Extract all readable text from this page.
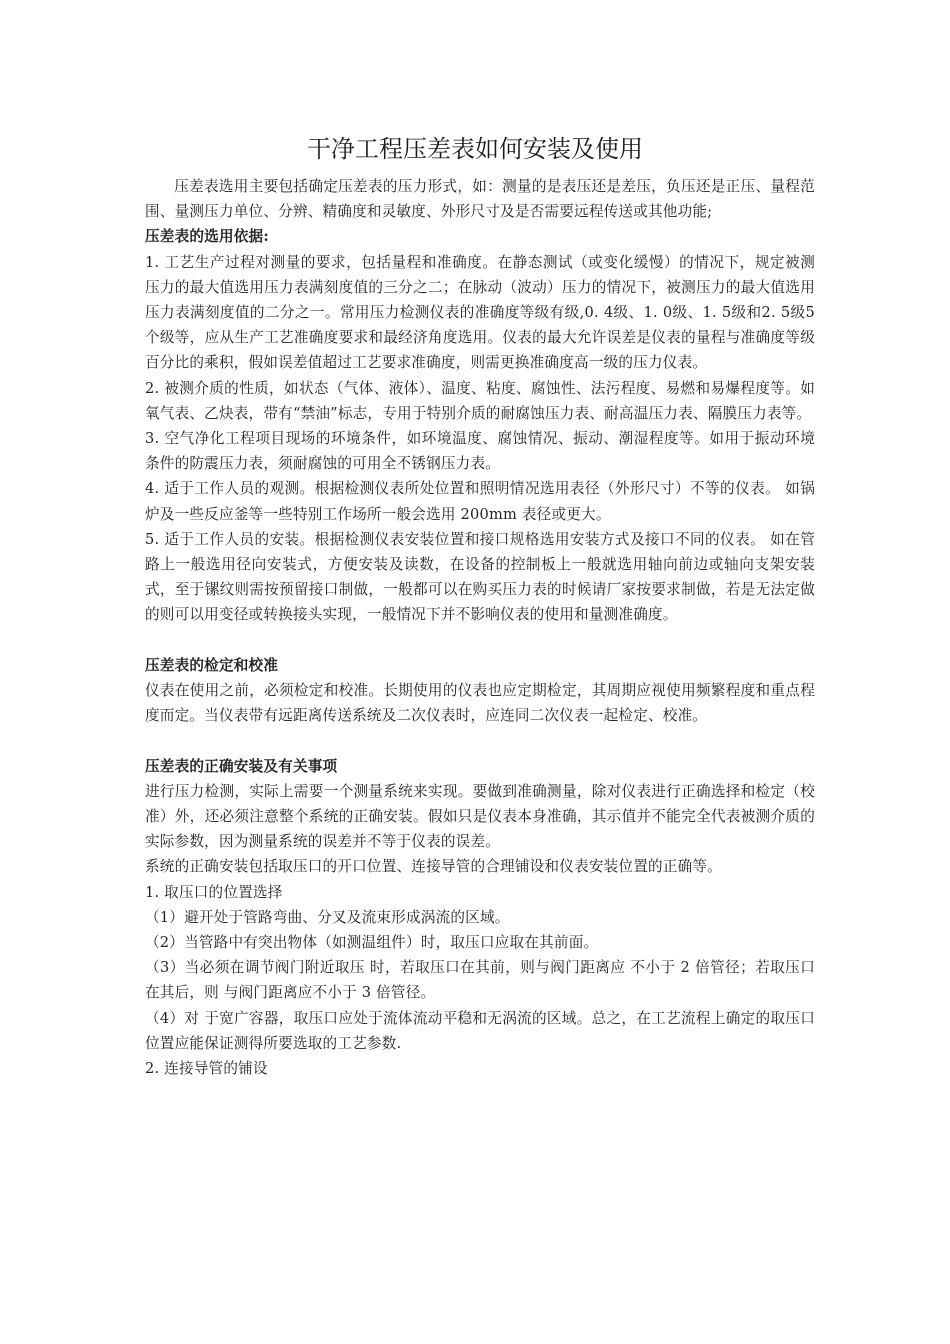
干净工程压差表如何安装及使用

压差表选用主要包括确定压差表的压力形式，如：测量的是表压还是差压，负压还是正压、量程范围、量测压力单位、分辨、精确度和灵敏度、外形尺寸及是否需要远程传送或其他功能;

压差表的选用依据:

1. 工艺生产过程对测量的要求，包括量程和准确度。在静态测试（或变化缓慢）的情况下，规定被测压力的最大值选用压力表满刻度值的三分之二；在脉动（波动）压力的情况下，被测压力的最大值选用压力表满刻度值的二分之一。常用压力检测仪表的准确度等级有级,0. 4级、1. 0级、1. 5级和2. 5级5个级等，应从生产工艺准确度要求和最经济角度选用。仪表的最大允许误差是仪表的量程与准确度等级百分比的乘积，假如误差值超过工艺要求准确度，则需更换准确度高一级的压力仪表。

2. 被测介质的性质，如状态（气体、液体）、温度、粘度、腐蚀性、法污程度、易燃和易爆程度等。如氧气表、乙炔表，带有“禁油”标志，专用于特别介质的耐腐蚀压力表、耐高温压力表、隔膜压力表等。

3. 空气净化工程项目现场的环境条件，如环境温度、腐蚀情况、振动、潮湿程度等。如用于振动环境条件的防震压力表，须耐腐蚀的可用全不锈钢压力表。

4. 适于工作人员的观测。根据检测仪表所处位置和照明情况选用表径（外形尺寸）不等的仪表。 如锅炉及一些反应釜等一些特别工作场所一般会选用 200mm 表径或更大。

5. 适于工作人员的安装。根据检测仪表安装位置和接口规格选用安装方式及接口不同的仪表。 如在管路上一般选用径向安装式，方便安装及读数，在设备的控制板上一般就选用轴向前边或轴向支架安装式，至于镙纹则需按预留接口制做，一般都可以在购买压力表的时候请厂家按要求制做，若是无法定做的则可以用变径或转换接头实现，一般情况下并不影响仪表的使用和量测准确度。

压差表的检定和校准

仪表在使用之前，必须检定和校准。长期使用的仪表也应定期检定，其周期应视使用频繁程度和重点程度而定。当仪表带有远距离传送系统及二次仪表时，应连同二次仪表一起检定、校准。

压差表的正确安装及有关事项

进行压力检测，实际上需要一个测量系统来实现。要做到准确测量，除对仪表进行正确选择和检定（校准）外，还必须注意整个系统的正确安装。假如只是仪表本身准确，其示值并不能完全代表被测介质的实际参数，因为测量系统的误差并不等于仪表的误差。

系统的正确安装包括取压口的开口位置、连接导管的合理铺设和仪表安装位置的正确等。

1. 取压口的位置选择

（1）避开处于管路弯曲、分叉及流束形成涡流的区域。

（2）当管路中有突出物体（如测温组件）时，取压口应取在其前面。

（3）当必须在调节阀门附近取压 时，若取压口在其前，则与阀门距离应 不小于 2 倍管径；若取压口在其后，则 与阀门距离应不小于 3 倍管径。

（4）对 于宽广容器，取压口应处于流体流动平稳和无涡流的区域。总之，在工艺流程上确定的取压口位置应能保证测得所要选取的工艺参数.

2. 连接导管的铺设
